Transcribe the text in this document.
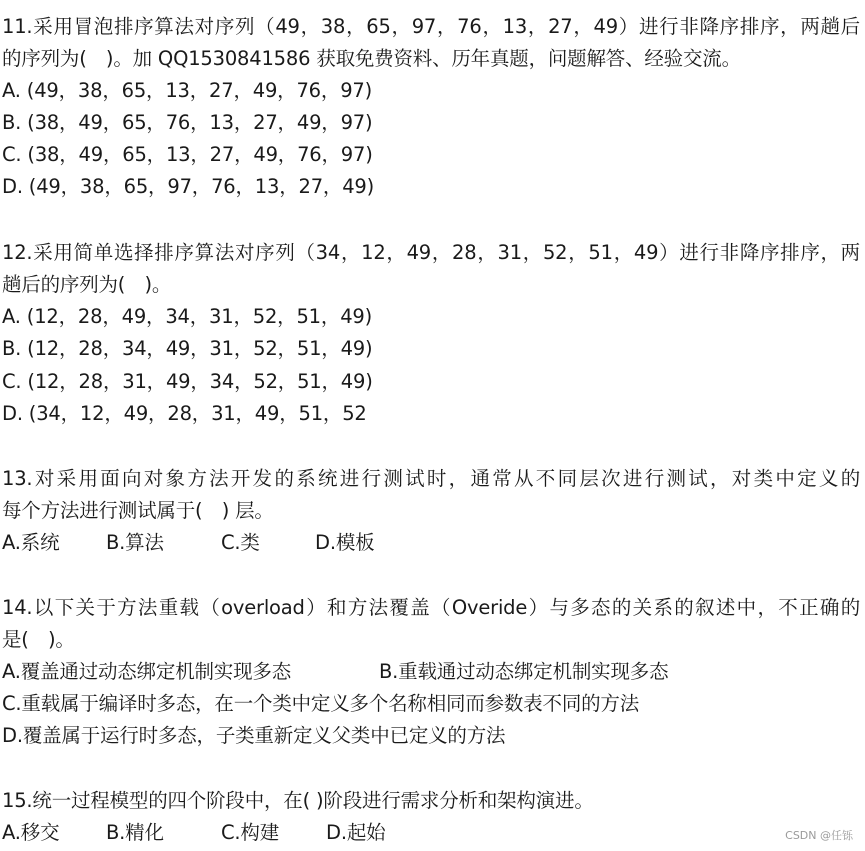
11.采用冒泡排序算法对序列（49，38，65，97，76，13，27，49）进行非降序排序，两趟后
的序列为(　)。加 QQ1530841586 获取免费资料、历年真题，问题解答、经验交流。
A. (49，38，65，13，27，49，76，97)
B. (38，49，65，76，13，27，49，97)
C. (38，49，65，13，27，49，76，97)
D. (49，38，65，97，76，13，27，49)
12.采用简单选择排序算法对序列（34，12，49，28，31，52，51，49）进行非降序排序，两
趟后的序列为(　)。
A. (12，28，49，34，31，52，51，49)
B. (12，28，34，49，31，52，51，49)
C. (12，28，31，49，34，52，51，49)
D. (34，12，49，28，31，49，51，52
13.对采用面向对象方法开发的系统进行测试时，通常从不同层次进行测试，对类中定义的
每个方法进行测试属于(　) 层。
A.系统 B.算法	C.类	D.模板
14.以下关于方法重载（overload）和方法覆盖（Overide）与多态的关系的叙述中，不正确的
是(　)。
A.覆盖通过动态绑定机制实现多态	B.重载通过动态绑定机制实现多态
C.重载属于编译时多态，在一个类中定义多个名称相同而参数表不同的方法
D.覆盖属于运行时多态，子类重新定义父类中已定义的方法
15.统一过程模型的四个阶段中，在( )阶段进行需求分析和架构演进。
A.移交 B.精化	C.构建 D.起始	CSDN @任铄
